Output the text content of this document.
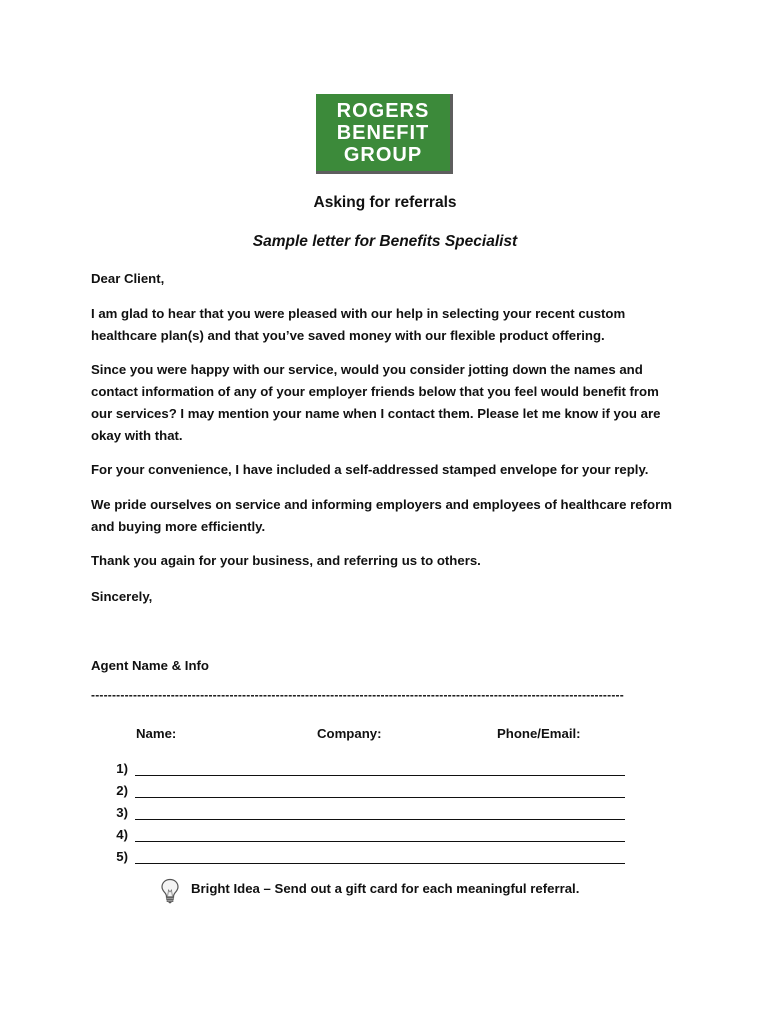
ROGERS
BENEFIT
GROUP
Asking for referrals
Sample letter for Benefits Specialist

Dear Client,

I am glad to hear that you were pleased with our help in selecting your recent custom healthcare plan(s) and that you’ve saved money with our flexible product offering.

Since you were happy with our service, would you consider jotting down the names and contact information of any of your employer friends below that you feel would benefit from our services? I may mention your name when I contact them. Please let me know if you are okay with that.

For your convenience, I have included a self-addressed stamped envelope for your reply.

We pride ourselves on service and informing employers and employees of healthcare reform and buying more efficiently.

Thank you again for your business, and referring us to others.

Sincerely,

Agent Name & Info

-------------------------------------------------------------------------------------------------------------------------------
Name:	Company:	Phone/Email:
1)
2)
3)
4)
5)
Bright Idea – Send out a gift card for each meaningful referral.
